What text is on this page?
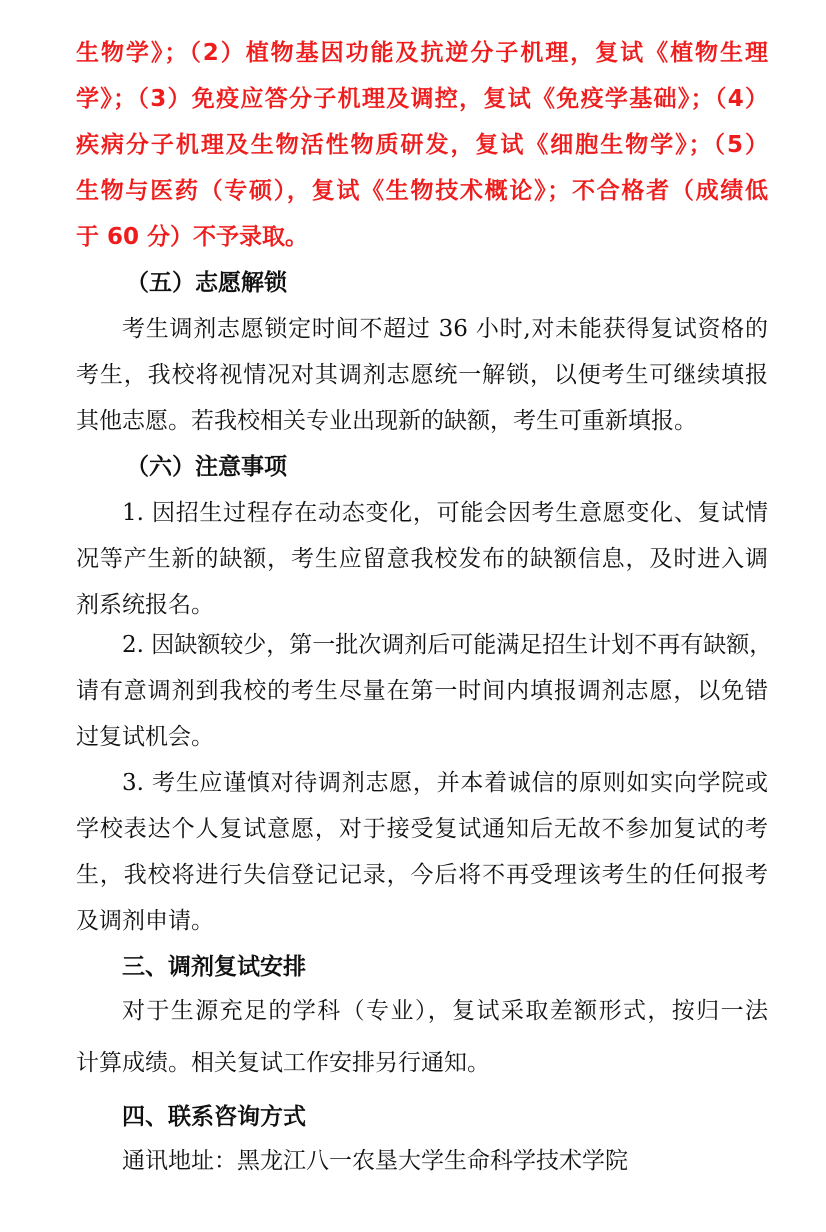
生物学》；（2）植物基因功能及抗逆分子机理，复试《植物生理
学》；（3）免疫应答分子机理及调控，复试《免疫学基础》；（4）
疾病分子机理及生物活性物质研发，复试《细胞生物学》；（5）
生物与医药（专硕），复试《生物技术概论》；不合格者（成绩低
于 60 分）不予录取。
（五）志愿解锁
考生调剂志愿锁定时间不超过 36 小时,对未能获得复试资格的
考生，我校将视情况对其调剂志愿统一解锁，以便考生可继续填报
其他志愿。若我校相关专业出现新的缺额，考生可重新填报。
（六）注意事项
1. 因招生过程存在动态变化，可能会因考生意愿变化、复试情
况等产生新的缺额，考生应留意我校发布的缺额信息，及时进入调
剂系统报名。
2. 因缺额较少，第一批次调剂后可能满足招生计划不再有缺额，
请有意调剂到我校的考生尽量在第一时间内填报调剂志愿，以免错
过复试机会。
3. 考生应谨慎对待调剂志愿，并本着诚信的原则如实向学院或
学校表达个人复试意愿，对于接受复试通知后无故不参加复试的考
生，我校将进行失信登记记录，今后将不再受理该考生的任何报考
及调剂申请。
三、调剂复试安排
对于生源充足的学科（专业），复试采取差额形式，按归一法
计算成绩。相关复试工作安排另行通知。
四、联系咨询方式
通讯地址：黑龙江八一农垦大学生命科学技术学院
